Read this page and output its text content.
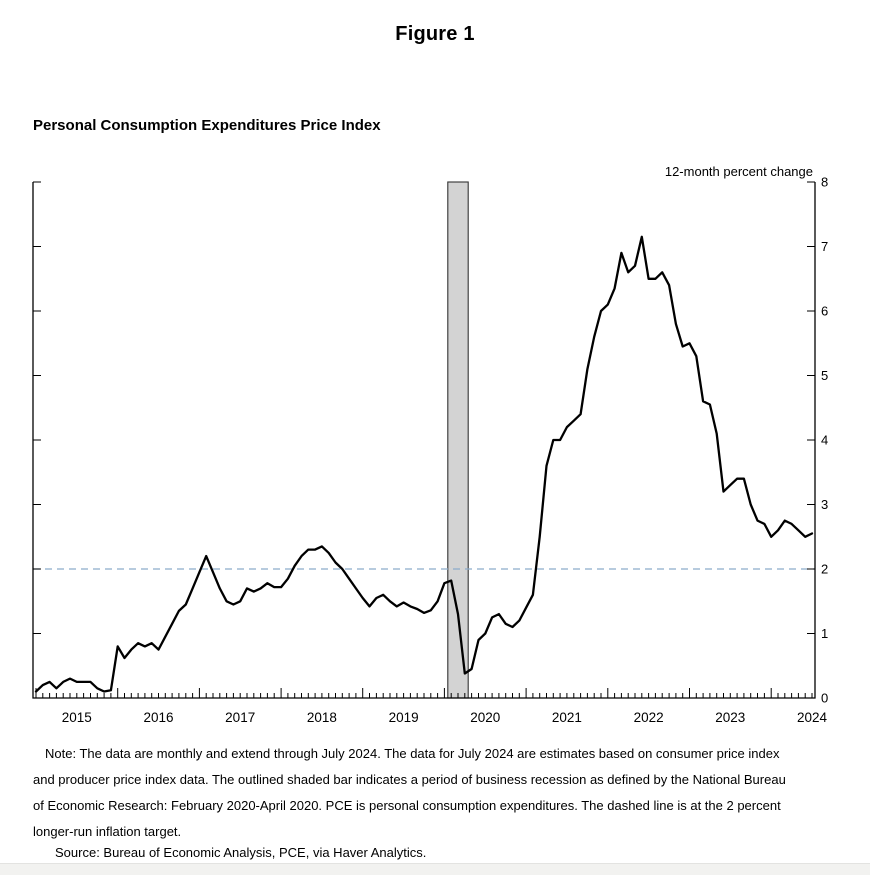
Figure 1
Personal Consumption Expenditures Price Index
0
1
2
3
4
5
6
7
8
2015	2016	2017	2018	2019	2020	2021	2022	2023	2024
12-month percent change
Note: The data are monthly and extend through July 2024. The data for July 2024 are estimates based on consumer price index
and producer price index data. The outlined shaded bar indicates a period of business recession as defined by the National Bureau
of Economic Research: February 2020-April 2020. PCE is personal consumption expenditures. The dashed line is at the 2 percent
longer-run inflation target.
Source: Bureau of Economic Analysis, PCE, via Haver Analytics.
